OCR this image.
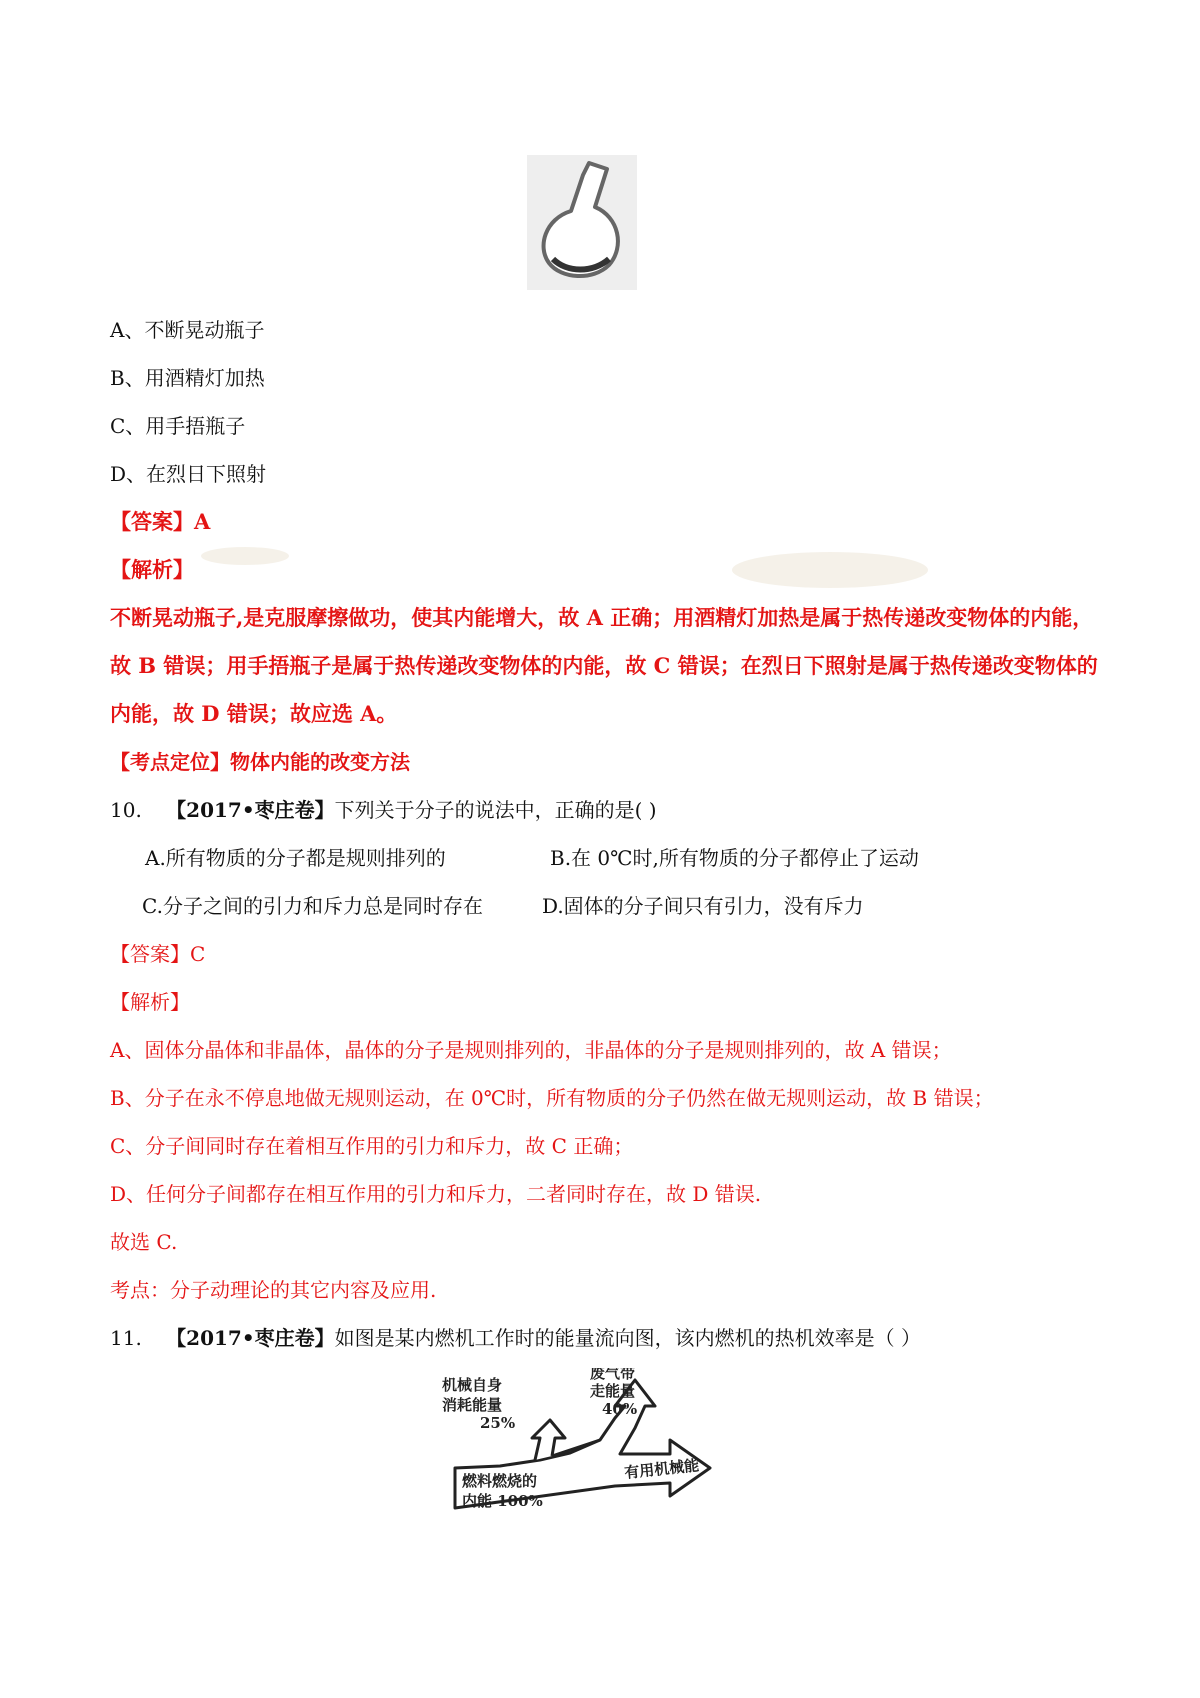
A、不断晃动瓶子
B、用酒精灯加热
C、用手捂瓶子
D、在烈日下照射
【答案】A
【解析】
不断晃动瓶子,是克服摩擦做功，使其内能增大，故 A 正确；用酒精灯加热是属于热传递改变物体的内能，
故 B 错误；用手捂瓶子是属于热传递改变物体的内能，故 C 错误；在烈日下照射是属于热传递改变物体的
内能，故 D 错误；故应选 A。
【考点定位】物体内能的改变方法
10. 【2017•枣庄卷】下列关于分子的说法中，正确的是( )
A.所有物质的分子都是规则排列的	B.在 0℃时,所有物质的分子都停止了运动
C.分子之间的引力和斥力总是同时存在	D.固体的分子间只有引力，没有斥力
【答案】C
【解析】
A、固体分晶体和非晶体，晶体的分子是规则排列的，非晶体的分子是规则排列的，故 A 错误；
B、分子在永不停息地做无规则运动，在 0℃时，所有物质的分子仍然在做无规则运动，故 B 错误；
C、分子间同时存在着相互作用的引力和斥力，故 C 正确；
D、任何分子间都存在相互作用的引力和斥力，二者同时存在，故 D 错误.
故选 C.
考点：分子动理论的其它内容及应用.
11. 【2017•枣庄卷】如图是某内燃机工作时的能量流向图，该内燃机的热机效率是（ ）
机械自身
消耗能量
25%
废气带
走能量
40%
燃料燃烧的
内能 100%
有用机械能
